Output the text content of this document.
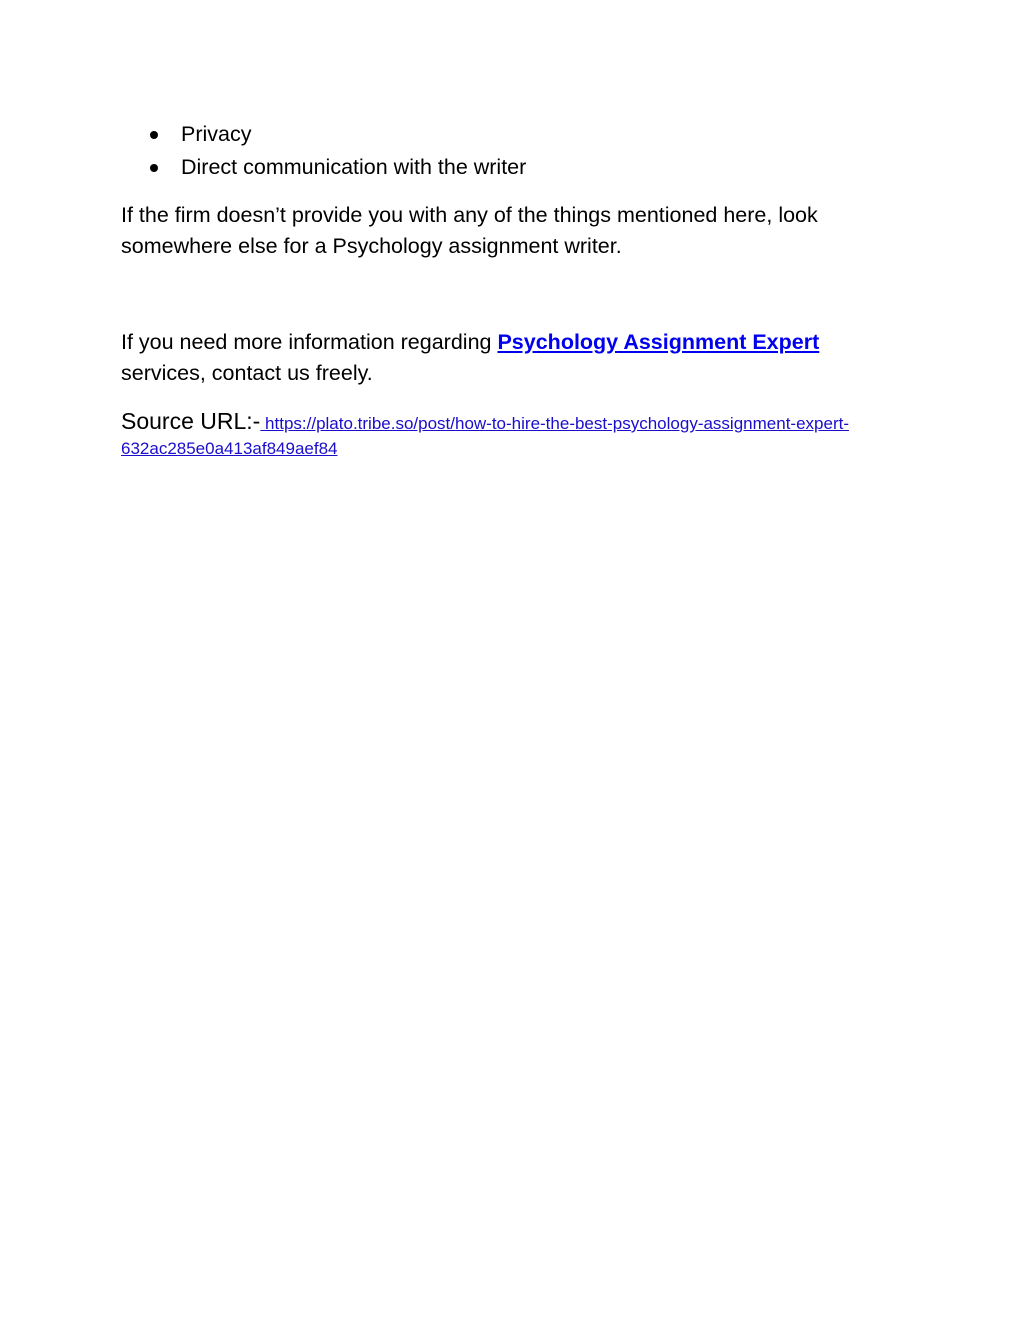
Privacy
Direct communication with the writer

If the firm doesn’t provide you with any of the things mentioned here, look
somewhere else for a Psychology assignment writer.

If you need more information regarding Psychology Assignment Expert
services, contact us freely.

Source URL:- https://plato.tribe.so/post/how-to-hire-the-best-psychology-assignment-expert-
632ac285e0a413af849aef84
